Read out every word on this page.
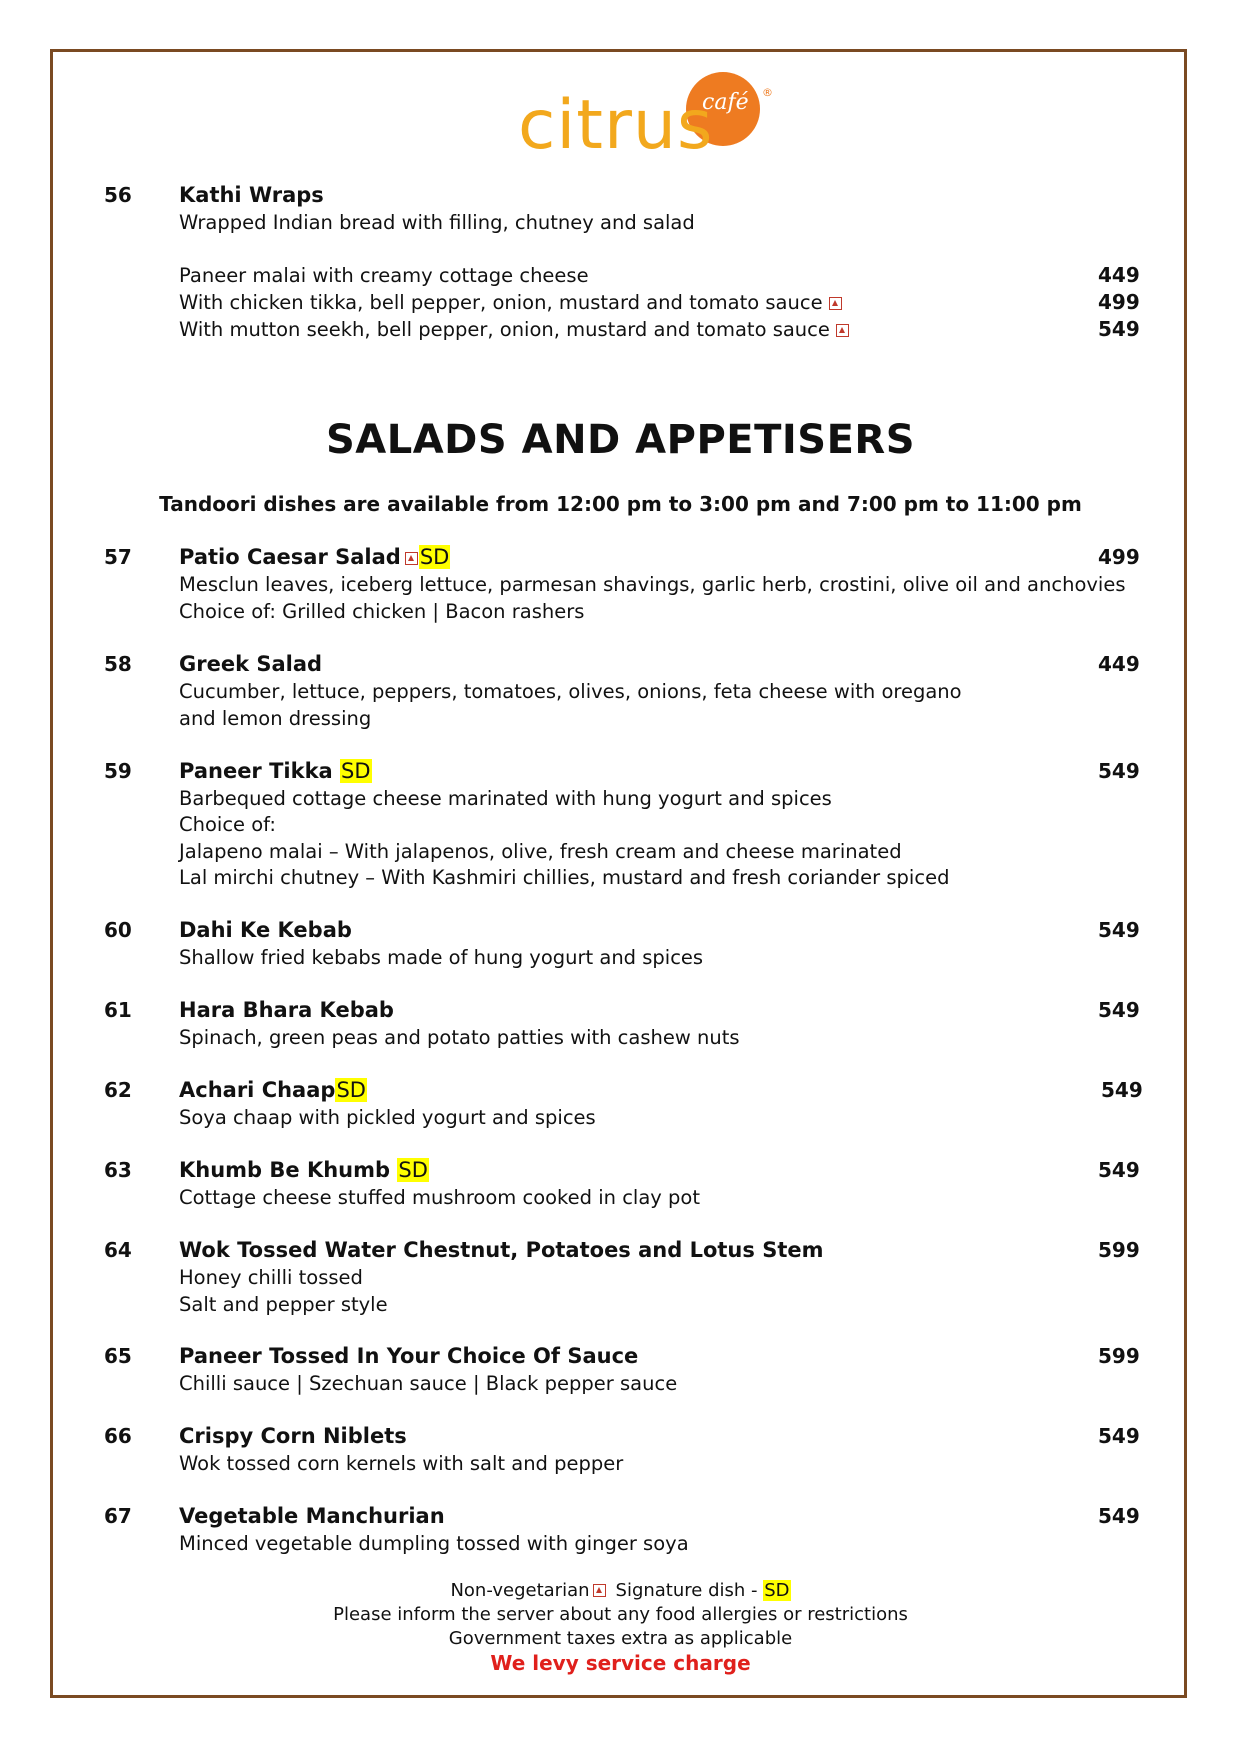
citrus
café ®
56 Kathi Wraps
Wrapped Indian bread with filling, chutney and salad
Paneer malai with creamy cottage cheese	449
With chicken tikka, bell pepper, onion, mustard and tomato sauce	499
With mutton seekh, bell pepper, onion, mustard and tomato sauce	549
SALADS AND APPETISERS
Tandoori dishes are available from 12:00 pm to 3:00 pm and 7:00 pm to 11:00 pm
57 Patio Caesar Salad SD	499
Mesclun leaves, iceberg lettuce, parmesan shavings, garlic herb, crostini, olive oil and anchovies
Choice of: Grilled chicken | Bacon rashers
58 Greek Salad	449
Cucumber, lettuce, peppers, tomatoes, olives, onions, feta cheese with oregano
and lemon dressing
59 Paneer Tikka SD	549
Barbequed cottage cheese marinated with hung yogurt and spices
Choice of:
Jalapeno malai – With jalapenos, olive, fresh cream and cheese marinated
Lal mirchi chutney – With Kashmiri chillies, mustard and fresh coriander spiced
60 Dahi Ke Kebab	549
Shallow fried kebabs made of hung yogurt and spices
61 Hara Bhara Kebab	549
Spinach, green peas and potato patties with cashew nuts
62 Achari ChaapSD	549
Soya chaap with pickled yogurt and spices
63 Khumb Be Khumb SD	549
Cottage cheese stuffed mushroom cooked in clay pot
64 Wok Tossed Water Chestnut, Potatoes and Lotus Stem	599
Honey chilli tossed
Salt and pepper style
65 Paneer Tossed In Your Choice Of Sauce	599
Chilli sauce | Szechuan sauce | Black pepper sauce
66 Crispy Corn Niblets	549
Wok tossed corn kernels with salt and pepper
67 Vegetable Manchurian	549
Minced vegetable dumpling tossed with ginger soya
Non-vegetarian Signature dish - SD
Please inform the server about any food allergies or restrictions
Government taxes extra as applicable
We levy service charge
